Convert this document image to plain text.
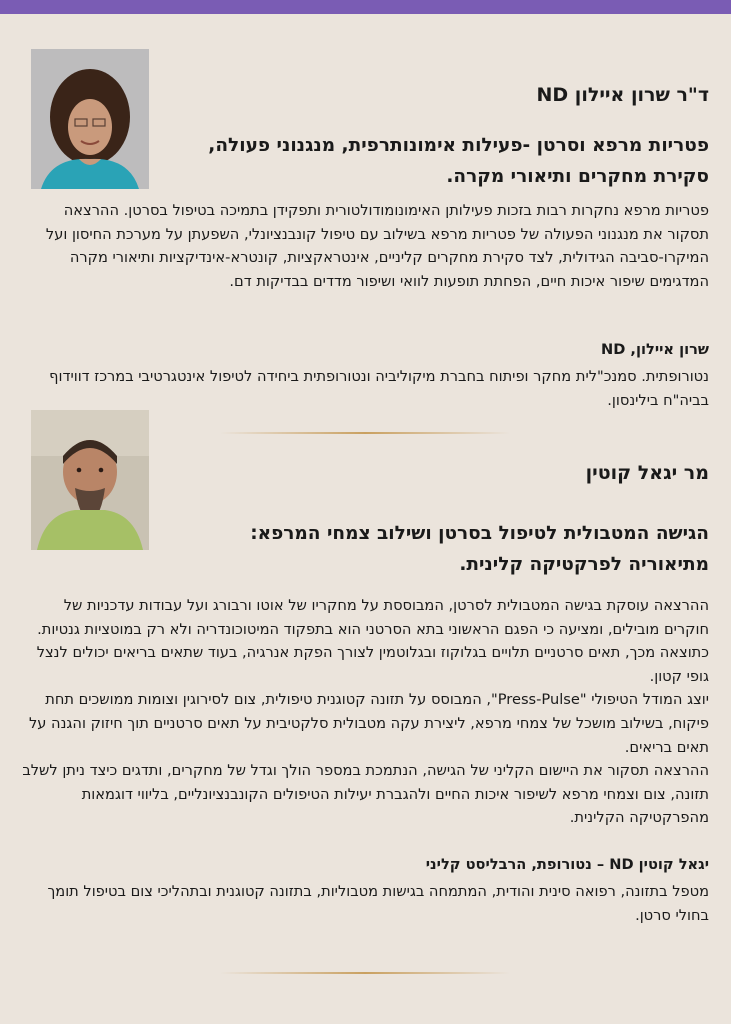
ד"ר שרון איילון ND
פטריות מרפא וסרטן -פעילות אימונותרפית, מנגנוני פעולה, סקירת מחקרים ותיאורי מקרה.
פטריות מרפא נחקרות רבות בזכות פעילותן האימונומודולטורית ותפקידן בתמיכה בטיפול בסרטן. ההרצאה תסקור את מנגנוני הפעולה של פטריות מרפא בשילוב עם טיפול קונבנציונלי, השפעתן על מערכת החיסון ועל המיקרו-סביבה הגידולית, לצד סקירת מחקרים קליניים, אינטראקציות, קונטרא-אינדיקציות ותיאורי מקרה המדגימים שיפור איכות חיים, הפחתת תופעות לוואי ושיפור מדדים בבדיקות דם.
שרון איילון, ND
נטורופתית. סמנכ"לית מחקר ופיתוח בחברת מיקוליביה ונטורופתית ביחידה לטיפול אינטגרטיבי במרכז דווידוף בביה"ח בילינסון.
מר יגאל קוטין
הגישה המטבולית לטיפול בסרטן ושילוב צמחי המרפא: מתיאוריה לפרקטיקה קלינית.

ההרצאה עוסקת בגישה המטבולית לסרטן, המבוססת על מחקריו של אוטו ורבורג ועל עבודות עדכניות של חוקרים מובילים, ומציעה כי הפגם הראשוני בתא הסרטני הוא בתפקוד המיטוכונדריה ולא רק במוטציות גנטיות. כתוצאה מכך, תאים סרטניים תלויים בגלוקוז ובגלוטמין לצורך הפקת אנרגיה, בעוד שתאים בריאים יכולים לנצל גופי קטון.

יוצג המודל הטיפולי "Press-Pulse", המבוסס על תזונה קטוגנית טיפולית, צום לסירוגין וצומות ממושכים תחת פיקוח, בשילוב מושכל של צמחי מרפא, ליצירת עקה מטבולית סלקטיבית על תאים סרטניים תוך חיזוק והגנה על תאים בריאים.

ההרצאה תסקור את היישום הקליני של הגישה, הנתמכת במספר הולך וגדל של מחקרים, ותדגים כיצד ניתן לשלב תזונה, צום וצמחי מרפא לשיפור איכות החיים ולהגברת יעילות הטיפולים הקונבנציונליים, בליווי דוגמאות מהפרקטיקה הקלינית.

יגאל קוטין ND – נטורופת, הרבליסט קליני
מטפל בתזונה, רפואה סינית והודית, המתמחה בגישות מטבוליות, בתזונה קטוגנית ובתהליכי צום בטיפול תומך בחולי סרטן.
